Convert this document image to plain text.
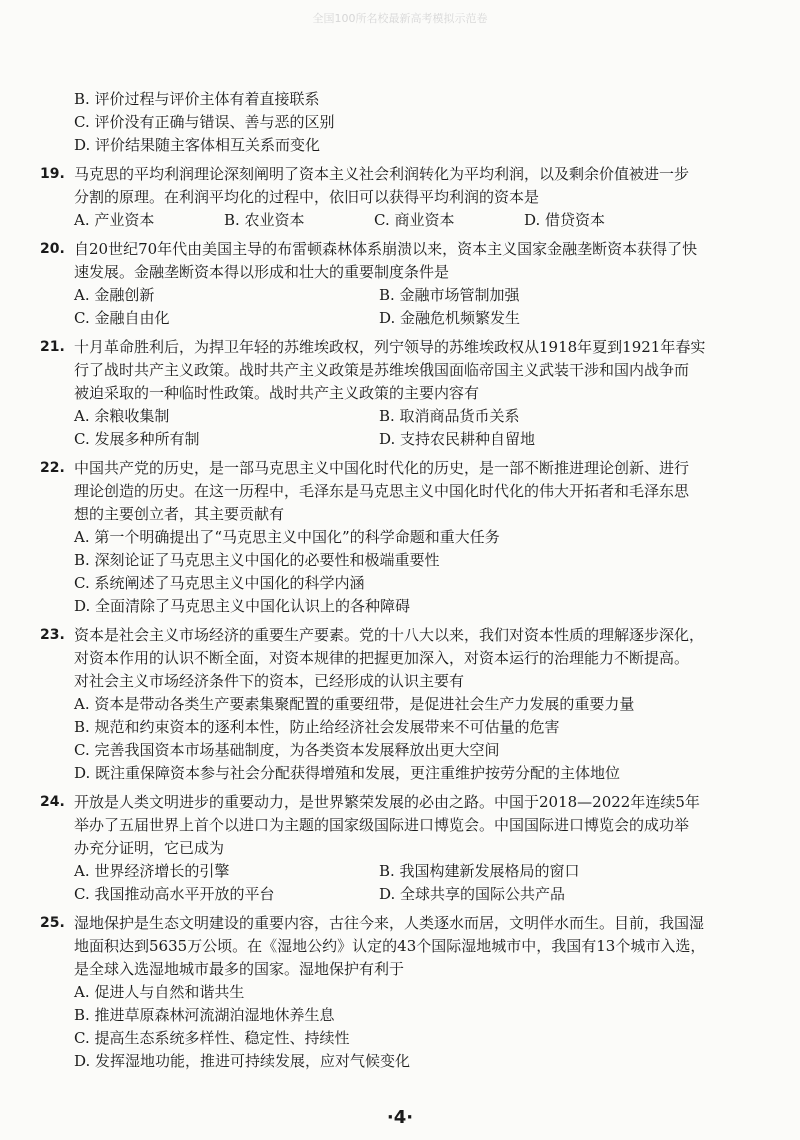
全国100所名校最新高考模拟示范卷
B. 评价过程与评价主体有着直接联系
C. 评价没有正确与错误、善与恶的区别
D. 评价结果随主客体相互关系而变化
19. 马克思的平均利润理论深刻阐明了资本主义社会利润转化为平均利润，以及剩余价值被进一步
分割的原理。在利润平均化的过程中，依旧可以获得平均利润的资本是
A. 产业资本	B. 农业资本	C. 商业资本	D. 借贷资本
20. 自20世纪70年代由美国主导的布雷顿森林体系崩溃以来，资本主义国家金融垄断资本获得了快
速发展。金融垄断资本得以形成和壮大的重要制度条件是
A. 金融创新	B. 金融市场管制加强
C. 金融自由化	D. 金融危机频繁发生
21. 十月革命胜利后，为捍卫年轻的苏维埃政权，列宁领导的苏维埃政权从1918年夏到1921年春实
行了战时共产主义政策。战时共产主义政策是苏维埃俄国面临帝国主义武装干涉和国内战争而
被迫采取的一种临时性政策。战时共产主义政策的主要内容有
A. 余粮收集制	B. 取消商品货币关系
C. 发展多种所有制	D. 支持农民耕种自留地
22. 中国共产党的历史，是一部马克思主义中国化时代化的历史，是一部不断推进理论创新、进行
理论创造的历史。在这一历程中，毛泽东是马克思主义中国化时代化的伟大开拓者和毛泽东思
想的主要创立者，其主要贡献有
A. 第一个明确提出了“马克思主义中国化”的科学命题和重大任务
B. 深刻论证了马克思主义中国化的必要性和极端重要性
C. 系统阐述了马克思主义中国化的科学内涵
D. 全面清除了马克思主义中国化认识上的各种障碍
23. 资本是社会主义市场经济的重要生产要素。党的十八大以来，我们对资本性质的理解逐步深化，
对资本作用的认识不断全面，对资本规律的把握更加深入，对资本运行的治理能力不断提高。
对社会主义市场经济条件下的资本，已经形成的认识主要有
A. 资本是带动各类生产要素集聚配置的重要纽带，是促进社会生产力发展的重要力量
B. 规范和约束资本的逐利本性，防止给经济社会发展带来不可估量的危害
C. 完善我国资本市场基础制度，为各类资本发展释放出更大空间
D. 既注重保障资本参与社会分配获得增殖和发展，更注重维护按劳分配的主体地位
24. 开放是人类文明进步的重要动力，是世界繁荣发展的必由之路。中国于2018—2022年连续5年
举办了五届世界上首个以进口为主题的国家级国际进口博览会。中国国际进口博览会的成功举
办充分证明，它已成为
A. 世界经济增长的引擎	B. 我国构建新发展格局的窗口
C. 我国推动高水平开放的平台	D. 全球共享的国际公共产品
25. 湿地保护是生态文明建设的重要内容，古往今来，人类逐水而居，文明伴水而生。目前，我国湿
地面积达到5635万公顷。在《湿地公约》认定的43个国际湿地城市中，我国有13个城市入选，
是全球入选湿地城市最多的国家。湿地保护有利于
A. 促进人与自然和谐共生
B. 推进草原森林河流湖泊湿地休养生息
C. 提高生态系统多样性、稳定性、持续性
D. 发挥湿地功能，推进可持续发展，应对气候变化
·4·
